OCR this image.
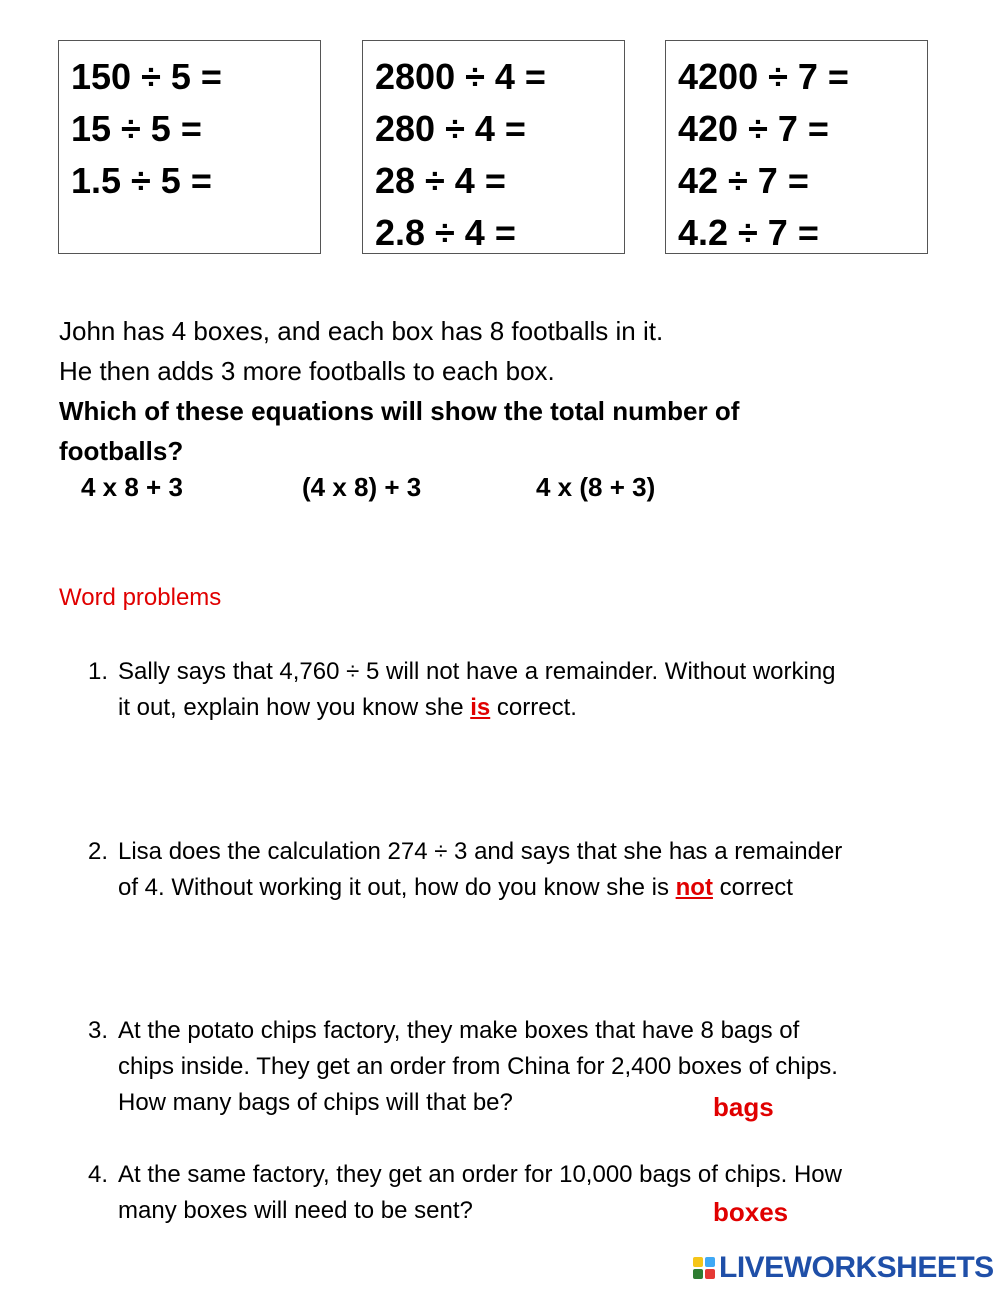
150 ÷ 5 =
15 ÷ 5 =
1.5 ÷ 5 =
2800 ÷ 4 =
280 ÷ 4 =
28 ÷ 4 =
2.8 ÷ 4 =
4200 ÷ 7 =
420 ÷ 7 =
42 ÷ 7 =
4.2 ÷ 7 =
John has 4 boxes, and each box has 8 footballs in it.
He then adds 3 more footballs to each box.
Which of these equations will show the total number of
footballs?
4 x 8 + 3	(4 x 8) + 3	4 x (8 + 3)
Word problems
1. Sally says that 4,760 ÷ 5 will not have a remainder. Without working
it out, explain how you know she is correct.
2. Lisa does the calculation 274 ÷ 3 and says that she has a remainder
of 4. Without working it out, how do you know she is not correct
3. At the potato chips factory, they make boxes that have 8 bags of
chips inside. They get an order from China for 2,400 boxes of chips.
How many bags of chips will that be?	bags
4. At the same factory, they get an order for 10,000 bags of chips. How
many boxes will need to be sent?	boxes
LIVEWORKSHEETS
